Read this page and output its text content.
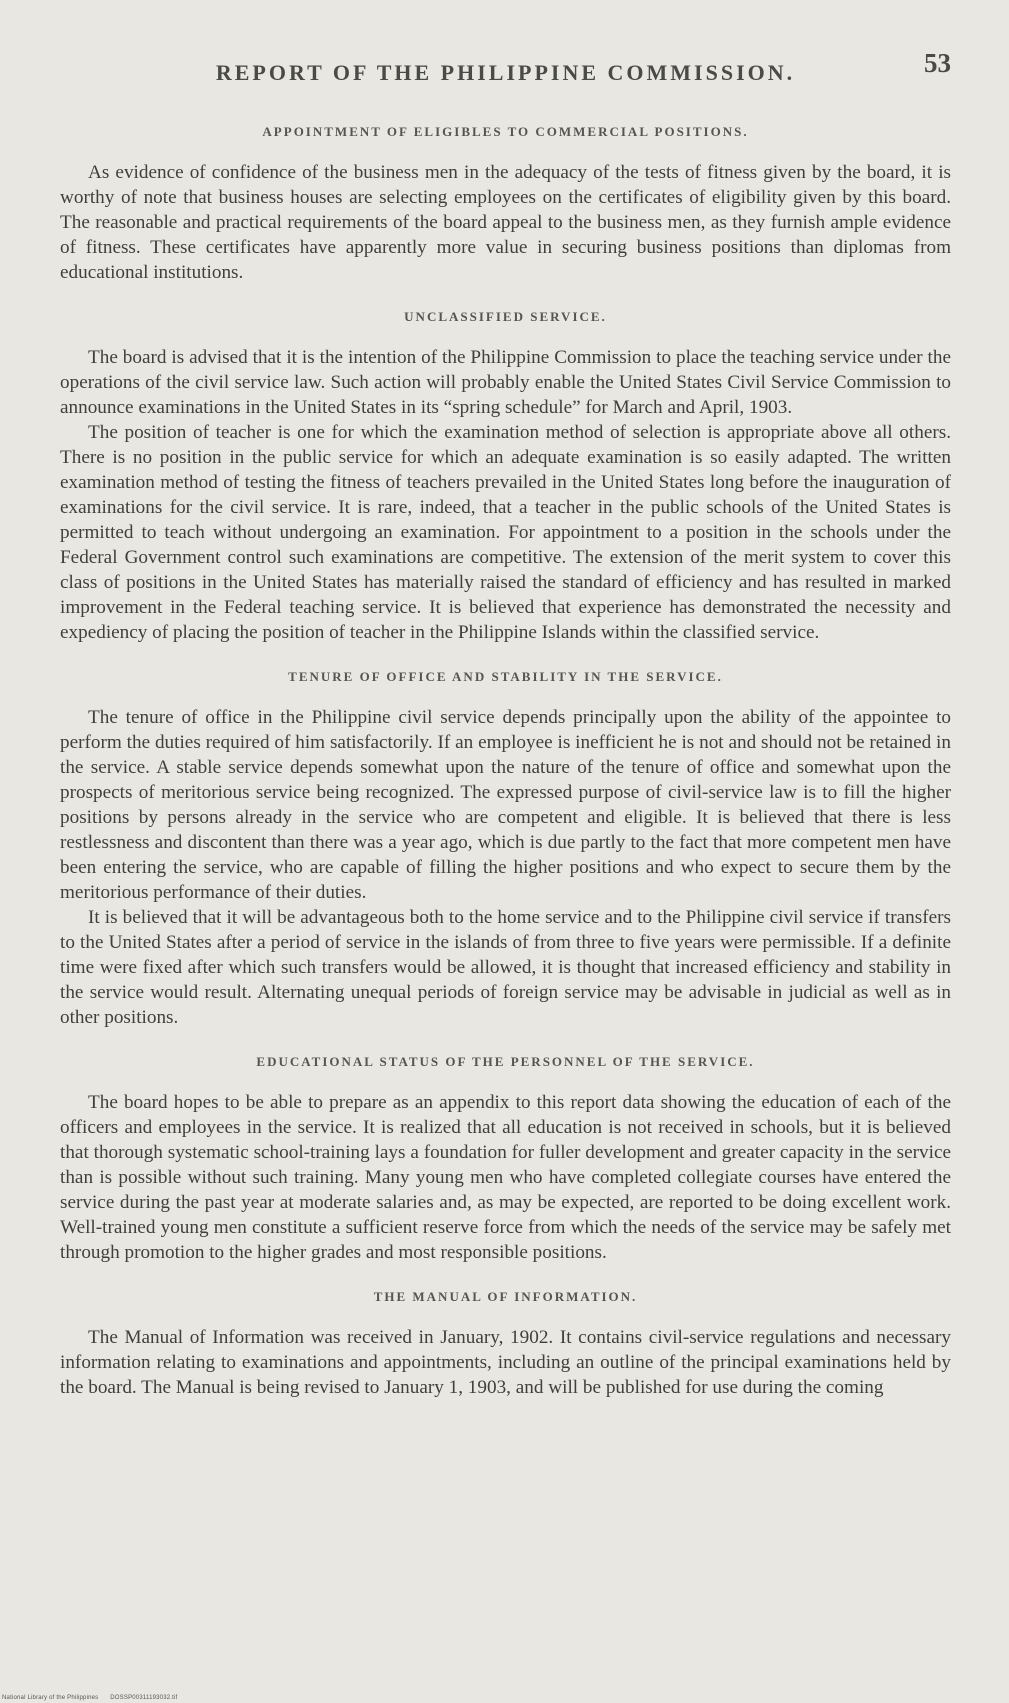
REPORT OF THE PHILIPPINE COMMISSION.	53
APPOINTMENT OF ELIGIBLES TO COMMERCIAL POSITIONS.

As evidence of confidence of the business men in the adequacy of the tests of fitness given by the board, it is worthy of note that business houses are selecting employees on the certificates of eligibility given by this board. The reasonable and practical requirements of the board appeal to the business men, as they furnish ample evidence of fitness. These certificates have apparently more value in securing business positions than diplomas from educational institutions.

UNCLASSIFIED SERVICE.

The board is advised that it is the intention of the Philippine Commission to place the teaching service under the operations of the civil service law. Such action will probably enable the United States Civil Service Commission to announce examinations in the United States in its “spring schedule” for March and April, 1903.

The position of teacher is one for which the examination method of selection is appropriate above all others. There is no position in the public service for which an adequate examination is so easily adapted. The written examination method of testing the fitness of teachers prevailed in the United States long before the inauguration of examinations for the civil service. It is rare, indeed, that a teacher in the public schools of the United States is permitted to teach without undergoing an examination. For appointment to a position in the schools under the Federal Government control such examinations are competitive. The extension of the merit system to cover this class of positions in the United States has materially raised the standard of efficiency and has resulted in marked improvement in the Federal teaching service. It is believed that experience has demonstrated the necessity and expediency of placing the position of teacher in the Philippine Islands within the classified service.

TENURE OF OFFICE AND STABILITY IN THE SERVICE.

The tenure of office in the Philippine civil service depends principally upon the ability of the appointee to perform the duties required of him satisfactorily. If an employee is inefficient he is not and should not be retained in the service. A stable service depends somewhat upon the nature of the tenure of office and somewhat upon the prospects of meritorious service being recognized. The expressed purpose of civil-service law is to fill the higher positions by persons already in the service who are competent and eligible. It is believed that there is less restlessness and discontent than there was a year ago, which is due partly to the fact that more competent men have been entering the service, who are capable of filling the higher positions and who expect to secure them by the meritorious performance of their duties.

It is believed that it will be advantageous both to the home service and to the Philippine civil service if transfers to the United States after a period of service in the islands of from three to five years were permissible. If a definite time were fixed after which such transfers would be allowed, it is thought that increased efficiency and stability in the service would result. Alternating unequal periods of foreign service may be advisable in judicial as well as in other positions.

EDUCATIONAL STATUS OF THE PERSONNEL OF THE SERVICE.

The board hopes to be able to prepare as an appendix to this report data showing the education of each of the officers and employees in the service. It is realized that all education is not received in schools, but it is believed that thorough systematic school-training lays a foundation for fuller development and greater capacity in the service than is possible without such training. Many young men who have completed collegiate courses have entered the service during the past year at moderate salaries and, as may be expected, are reported to be doing excellent work. Well-trained young men constitute a sufficient reserve force from which the needs of the service may be safely met through promotion to the higher grades and most responsible positions.

THE MANUAL OF INFORMATION.

The Manual of Information was received in January, 1902. It contains civil-service regulations and necessary information relating to examinations and appointments, including an outline of the principal examinations held by the board. The Manual is being revised to January 1, 1903, and will be published for use during the coming

National Library of the Philippines DOSSP00311193032.tif
